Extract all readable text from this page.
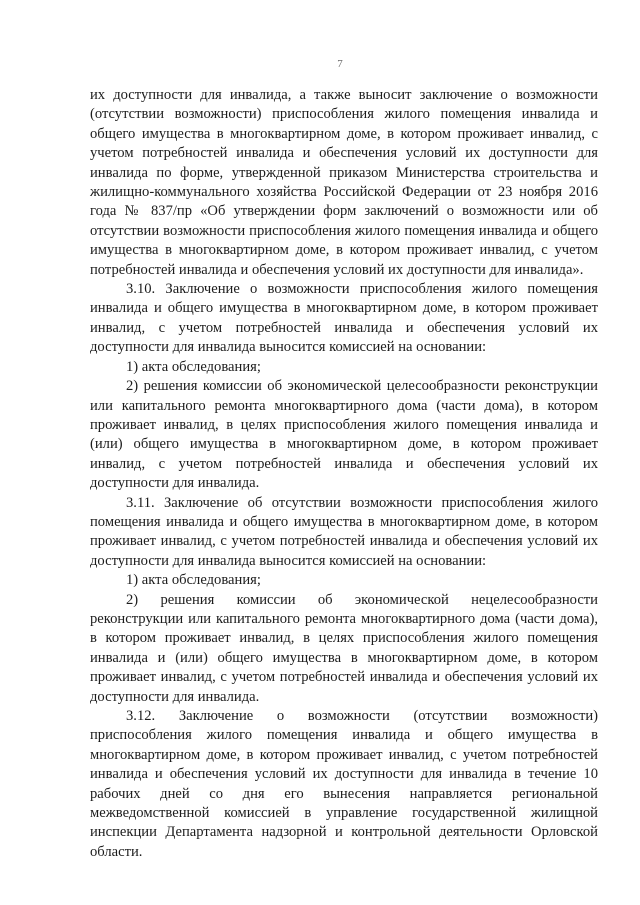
7

их доступности для инвалида, а также выносит заключение о возможности (отсутствии возможности) приспособления жилого помещения инвалида и общего имущества в многоквартирном доме, в котором проживает инвалид, с учетом потребностей инвалида и обеспечения условий их доступности для инвалида по форме, утвержденной приказом Министерства строительства и жилищно-коммунального хозяйства Российской Федерации от 23 ноября 2016 года № 837/пр «Об утверждении форм заключений о возможности или об отсутствии возможности приспособления жилого помещения инвалида и общего имущества в многоквартирном доме, в котором проживает инвалид, с учетом потребностей инвалида и обеспечения условий их доступности для инвалида».

3.10. Заключение о возможности приспособления жилого помещения инвалида и общего имущества в многоквартирном доме, в котором проживает инвалид, с учетом потребностей инвалида и обеспечения условий их доступности для инвалида выносится комиссией на основании:

1) акта обследования;

2) решения комиссии об экономической целесообразности реконструкции или капитального ремонта многоквартирного дома (части дома), в котором проживает инвалид, в целях приспособления жилого помещения инвалида и (или) общего имущества в многоквартирном доме, в котором проживает инвалид, с учетом потребностей инвалида и обеспечения условий их доступности для инвалида.

3.11. Заключение об отсутствии возможности приспособления жилого помещения инвалида и общего имущества в многоквартирном доме, в котором проживает инвалид, с учетом потребностей инвалида и обеспечения условий их доступности для инвалида выносится комиссией на основании:

1) акта обследования;

2) решения комиссии об экономической нецелесообразности реконструкции или капитального ремонта многоквартирного дома (части дома), в котором проживает инвалид, в целях приспособления жилого помещения инвалида и (или) общего имущества в многоквартирном доме, в котором проживает инвалид, с учетом потребностей инвалида и обеспечения условий их доступности для инвалида.

3.12. Заключение о возможности (отсутствии возможности) приспособления жилого помещения инвалида и общего имущества в многоквартирном доме, в котором проживает инвалид, с учетом потребностей инвалида и обеспечения условий их доступности для инвалида в течение 10 рабочих дней со дня его вынесения направляется региональной межведомственной комиссией в управление государственной жилищной инспекции Департамента надзорной и контрольной деятельности Орловской области.
